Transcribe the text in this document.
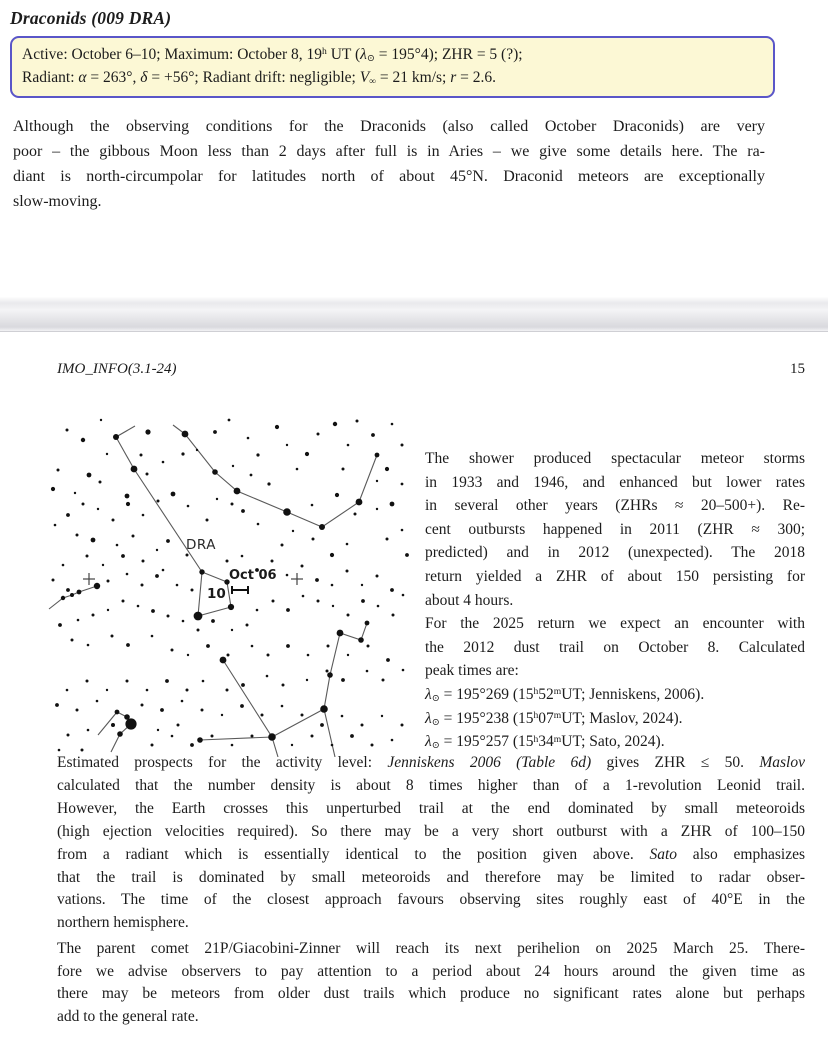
Draconids (009 DRA)
Active: October 6–10; Maximum: October 8, 19$^h$ UT $(\lambda_⊙ = 195^\circ 4)$; ZHR = 5 (?);
Radiant: α = 263°, δ = +56°; Radiant drift: negligible; $V_\infty = 21$ km/s; r = 2.6.
Although the observing conditions for the Draconids (also called October Draconids) are very
poor – the gibbous Moon less than 2 days after full is in Aries – we give some details here. The ra-
diant is north-circumpolar for latitudes north of about 45°N. Draconid meteors are exceptionally
slow-moving.
IMO_INFO(3.1-24)	15
DRA
Oct 06
10
The shower produced spectacular meteor storms
in 1933 and 1946, and enhanced but lower rates
in several other years (ZHRs ≈ 20–500+). Re-
cent outbursts happened in 2011 (ZHR ≈ 300;
predicted) and in 2012 (unexpected). The 2018
return yielded a ZHR of about 150 persisting for
about 4 hours.
For the 2025 return we expect an encounter with
the 2012 dust trail on October 8. Calculated
peak times are:
$\lambda_⊙ = 195^\circ 269$ (15$^h$52$^m$UT; Jenniskens, 2006).
$\lambda_⊙ = 195^\circ 238$ (15$^h$07$^m$UT; Maslov, 2024).
$\lambda_⊙ = 195^\circ 257$ (15$^h$34$^m$UT; Sato, 2024).
Estimated prospects for the activity level: Jenniskens 2006 (Table 6d) gives ZHR ≤ 50. Maslov
calculated that the number density is about 8 times higher than of a 1-revolution Leonid trail.
However, the Earth crosses this unperturbed trail at the end dominated by small meteoroids
(high ejection velocities required). So there may be a very short outburst with a ZHR of 100–150
from a radiant which is essentially identical to the position given above. Sato also emphasizes
that the trail is dominated by small meteoroids and therefore may be limited to radar obser-
vations. The time of the closest approach favours observing sites roughly east of 40°E in the
northern hemisphere.
The parent comet 21P/Giacobini-Zinner will reach its next perihelion on 2025 March 25. There-
fore we advise observers to pay attention to a period about 24 hours around the given time as
there may be meteors from older dust trails which produce no significant rates alone but perhaps
add to the general rate.
